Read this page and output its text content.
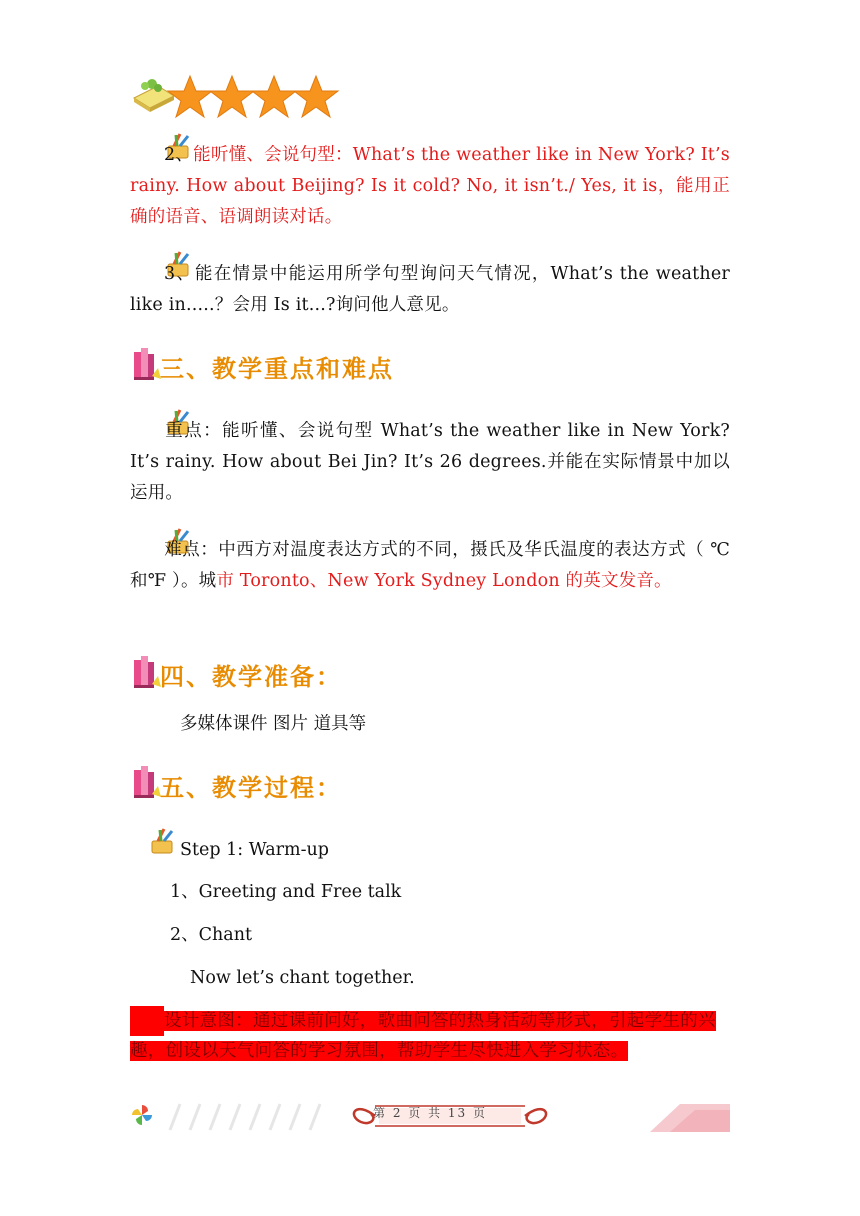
2、能听懂、会说句型：What’s the weather like in New York? It’s rainy. How about Beijing? Is it cold? No, it isn’t./ Yes, it is，能用正确的语音、语调朗读对话。
3、能在情景中能运用所学句型询问天气情况，What’s the weather like in.....？会用 Is it...?询问他人意见。
三、教学重点和难点
重点：能听懂、会说句型 What’s the weather like in New York? It’s rainy. How about Bei Jin? It’s 26 degrees.并能在实际情景中加以运用。
难点：中西方对温度表达方式的不同，摄氏及华氏温度的表达方式（ ℃和℉ ）。城市 Toronto、New York Sydney London 的英文发音。
四、教学准备：
多媒体课件 图片 道具等
五、教学过程：
Step 1: Warm-up
1、Greeting and Free talk
2、Chant
Now let’s chant together.
设计意图：通过课前问好，歌曲问答的热身活动等形式，引起学生的兴趣，创设以天气问答的学习氛围，帮助学生尽快进入学习状态。
第 2 页 共 13 页
